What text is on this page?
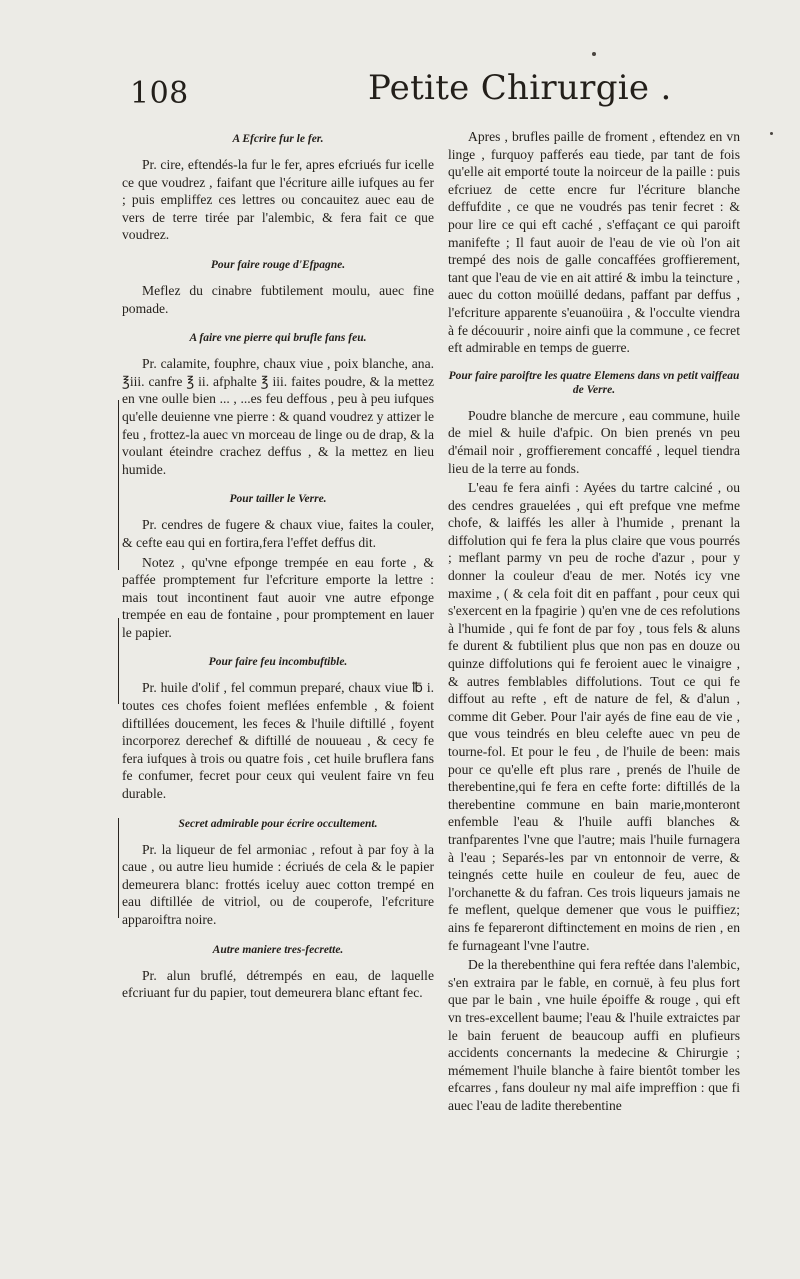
108	Petite Chirurgie .
A Efcrire fur le fer.

Pr. cire, eftendés-la fur le fer, apres efcriués fur icelle ce que voudrez , faifant que l'écriture aille iufques au fer ; puis empliffez ces lettres ou concauitez auec eau de vers de terre tirée par l'alembic, & fera fait ce que voudrez.

Pour faire rouge d'Efpagne.

Meflez du cinabre fubtilement moulu, auec fine pomade.

A faire vne pierre qui brufle fans feu.

Pr. calamite, fouphre, chaux viue , poix blanche, ana. ℥iii. canfre ℥ ii. afphalte ℥ iii. faites poudre, & la mettez en vne oulle bien ... , ...es feu deffous , peu à peu iufques qu'elle deuienne vne pierre : & quand voudrez y attizer le feu , frottez-la auec vn morceau de linge ou de drap, & la voulant éteindre crachez deffus , & la mettez en lieu humide.

Pour tailler le Verre.

Pr. cendres de fugere & chaux viue, faites la couler, & cefte eau qui en fortira,fera l'effet deffus dit.

Notez , qu'vne efponge trempée en eau forte , & paffée promptement fur l'efcriture emporte la lettre : mais tout incontinent faut auoir vne autre efponge trempée en eau de fontaine , pour promptement en lauer le papier.

Pour faire feu incombuftible.

Pr. huile d'olif , fel commun preparé, chaux viue ℔ i. toutes ces chofes foient meflées enfemble , & foient diftillées doucement, les feces & l'huile diftillé , foyent incorporez derechef & diftillé de nouueau , & cecy fe fera iufques à trois ou quatre fois , cet huile bruflera fans fe confumer, fecret pour ceux qui veulent faire vn feu durable.

Secret admirable pour écrire occultement.

Pr. la liqueur de fel armoniac , refout à par foy à la caue , ou autre lieu humide : écriués de cela & le papier demeurera blanc: frottés iceluy auec cotton trempé en eau diftillée de vitriol, ou de couperofe, l'efcriture apparoiftra noire.

Autre maniere tres-fecrette.

Pr. alun bruflé, détrempés en eau, de laquelle efcriuant fur du papier, tout demeurera blanc eftant fec.

Apres , brufles paille de froment , eftendez en vn linge , furquoy pafferés eau tiede, par tant de fois qu'elle ait emporté toute la noirceur de la paille : puis efcriuez de cette encre fur l'écriture blanche deffufdite , ce que ne voudrés pas tenir fecret : & pour lire ce qui eft caché , s'effaçant ce qui paroift manifefte ; Il faut auoir de l'eau de vie où l'on ait trempé des nois de galle concaffées groffierement, tant que l'eau de vie en ait attiré & imbu la teincture , auec du cotton moüillé dedans, paffant par deffus , l'efcriture apparente s'euanoüira , & l'occulte viendra à fe découurir , noire ainfi que la commune , ce fecret eft admirable en temps de guerre.

Pour faire paroiftre les quatre Elemens dans vn petit vaiffeau de Verre.

Poudre blanche de mercure , eau commune, huile de miel & huile d'afpic. On bien prenés vn peu d'émail noir , groffierement concaffé , lequel tiendra lieu de la terre au fonds.

L'eau fe fera ainfi : Ayées du tartre calciné , ou des cendres grauelées , qui eft prefque vne mefme chofe, & laiffés les aller à l'humide , prenant la diffolution qui fe fera la plus claire que vous pourrés ; meflant parmy vn peu de roche d'azur , pour y donner la couleur d'eau de mer. Notés icy vne maxime , ( & cela foit dit en paffant , pour ceux qui s'exercent en la fpagirie ) qu'en vne de ces refolutions à l'humide , qui fe font de par foy , tous fels & aluns fe durent & fubtilient plus que non pas en douze ou quinze diffolutions qui fe feroient auec le vinaigre , & autres femblables diffolutions. Tout ce qui fe diffout au refte , eft de nature de fel, & d'alun , comme dit Geber. Pour l'air ayés de fine eau de vie , que vous teindrés en bleu celefte auec vn peu de tourne-fol. Et pour le feu , de l'huile de been: mais pour ce qu'elle eft plus rare , prenés de l'huile de therebentine,qui fe fera en cefte forte: diftillés de la therebentine commune en bain marie,monteront enfemble l'eau & l'huile auffi blanches & tranfparentes l'vne que l'autre; mais l'huile furnagera à l'eau ; Separés-les par vn entonnoir de verre, & teingnés cette huile en couleur de feu, auec de l'orchanette & du fafran. Ces trois liqueurs jamais ne fe meflent, quelque demener que vous le puiffiez; ains fe fepareront diftinctement en moins de rien , en fe furnageant l'vne l'autre.

De la therebenthine qui fera reftée dans l'alembic, s'en extraira par le fable, en cornuë, à feu plus fort que par le bain , vne huile époiffe & rouge , qui eft vn tres-excellent baume; l'eau & l'huile extraictes par le bain feruent de beaucoup auffi en plufieurs accidents concernants la medecine & Chirurgie ; mémement l'huile blanche à faire bientôt tomber les efcarres , fans douleur ny mal aife impreffion : que fi auec l'eau de ladite therebentine
